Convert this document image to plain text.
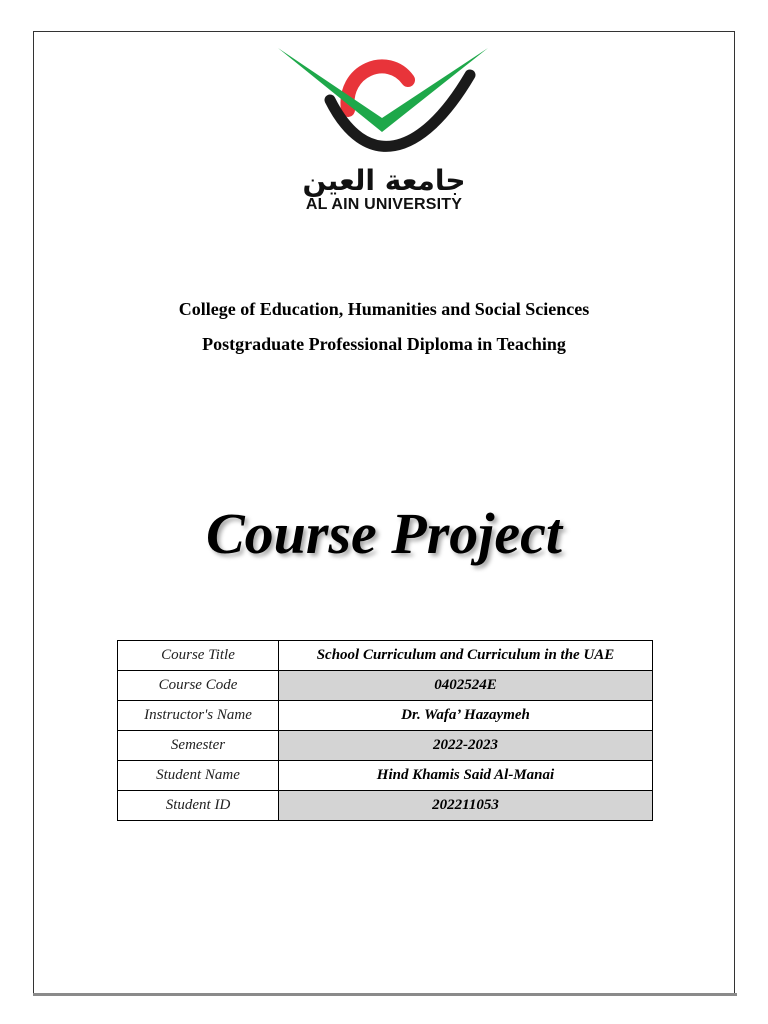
جامعة العين
AL AIN UNIVERSITY
College of Education, Humanities and Social Sciences
Postgraduate Professional Diploma in Teaching
Course Project
Course Title	School Curriculum and Curriculum in the UAE
Course Code	0402524E
Instructor's Name	Dr. Wafa’ Hazaymeh
Semester	2022-2023
Student Name	Hind Khamis Said Al-Manai
Student ID	202211053
